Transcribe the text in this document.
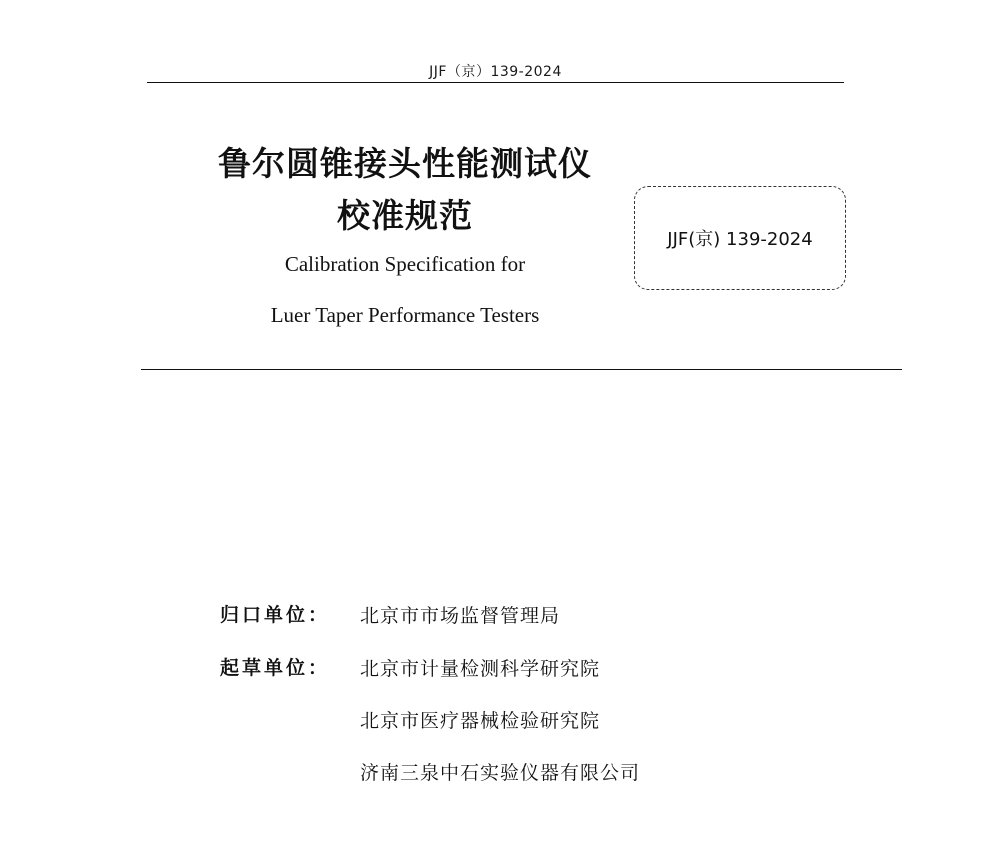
JJF（京）139-2024
鲁尔圆锥接头性能测试仪
校准规范
Calibration Specification for
Luer Taper Performance Testers
JJF(京) 139-2024
归口单位： 北京市市场监督管理局
起草单位： 北京市计量检测科学研究院
北京市医疗器械检验研究院
济南三泉中石实验仪器有限公司
